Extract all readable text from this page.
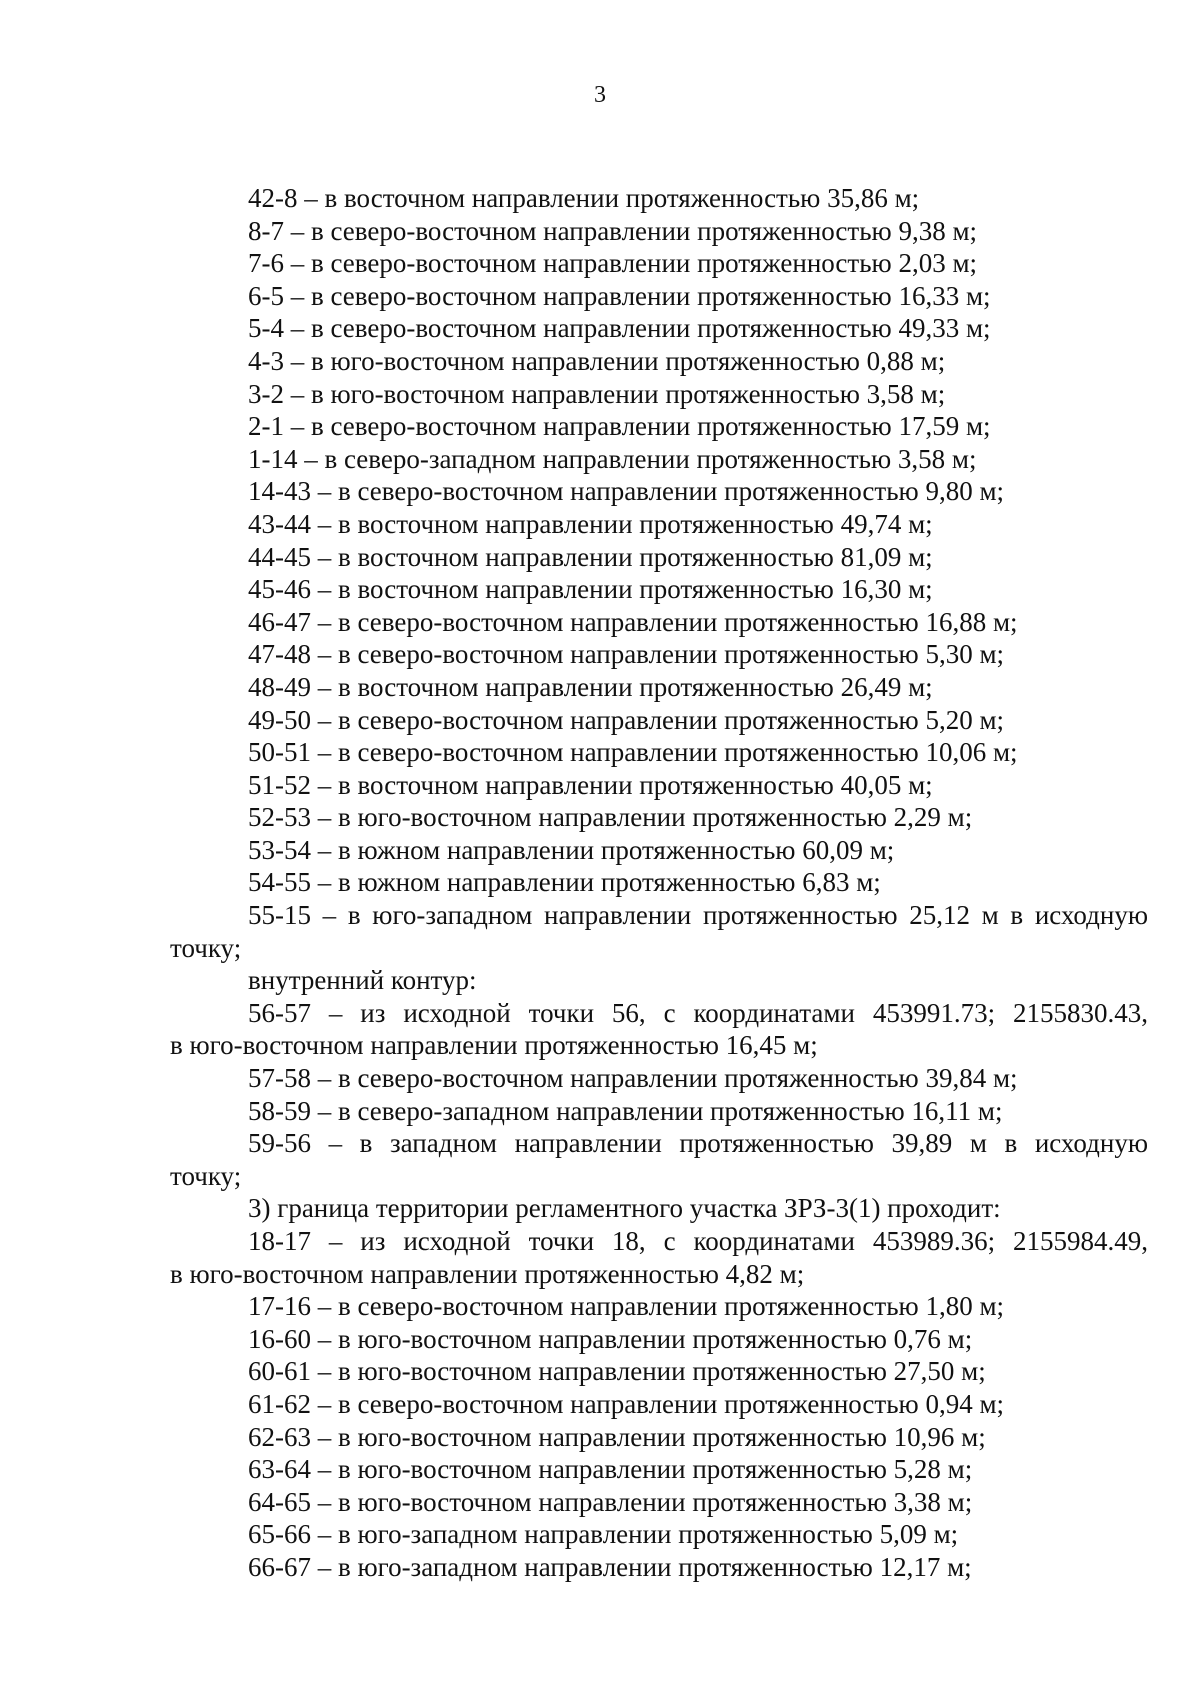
3
42-8 – в восточном направлении протяженностью 35,86 м;
8-7 – в северо-восточном направлении протяженностью 9,38 м;
7-6 – в северо-восточном направлении протяженностью 2,03 м;
6-5 – в северо-восточном направлении протяженностью 16,33 м;
5-4 – в северо-восточном направлении протяженностью 49,33 м;
4-3 – в юго-восточном направлении протяженностью 0,88 м;
3-2 – в юго-восточном направлении протяженностью 3,58 м;
2-1 – в северо-восточном направлении протяженностью 17,59 м;
1-14 – в северо-западном направлении протяженностью 3,58 м;
14-43 – в северо-восточном направлении протяженностью 9,80 м;
43-44 – в восточном направлении протяженностью 49,74 м;
44-45 – в восточном направлении протяженностью 81,09 м;
45-46 – в восточном направлении протяженностью 16,30 м;
46-47 – в северо-восточном направлении протяженностью 16,88 м;
47-48 – в северо-восточном направлении протяженностью 5,30 м;
48-49 – в восточном направлении протяженностью 26,49 м;
49-50 – в северо-восточном направлении протяженностью 5,20 м;
50-51 – в северо-восточном направлении протяженностью 10,06 м;
51-52 – в восточном направлении протяженностью 40,05 м;
52-53 – в юго-восточном направлении протяженностью 2,29 м;
53-54 – в южном направлении протяженностью 60,09 м;
54-55 – в южном направлении протяженностью 6,83 м;
55-15 – в юго-западном направлении протяженностью 25,12 м в исходную
точку;
внутренний контур:
56-57 – из исходной точки 56, с координатами 453991.73; 2155830.43,
в юго-восточном направлении протяженностью 16,45 м;
57-58 – в северо-восточном направлении протяженностью 39,84 м;
58-59 – в северо-западном направлении протяженностью 16,11 м;
59-56 – в западном направлении протяженностью 39,89 м в исходную
точку;
3) граница территории регламентного участка ЗРЗ-3(1) проходит:
18-17 – из исходной точки 18, с координатами 453989.36; 2155984.49,
в юго-восточном направлении протяженностью 4,82 м;
17-16 – в северо-восточном направлении протяженностью 1,80 м;
16-60 – в юго-восточном направлении протяженностью 0,76 м;
60-61 – в юго-восточном направлении протяженностью 27,50 м;
61-62 – в северо-восточном направлении протяженностью 0,94 м;
62-63 – в юго-восточном направлении протяженностью 10,96 м;
63-64 – в юго-восточном направлении протяженностью 5,28 м;
64-65 – в юго-восточном направлении протяженностью 3,38 м;
65-66 – в юго-западном направлении протяженностью 5,09 м;
66-67 – в юго-западном направлении протяженностью 12,17 м;
